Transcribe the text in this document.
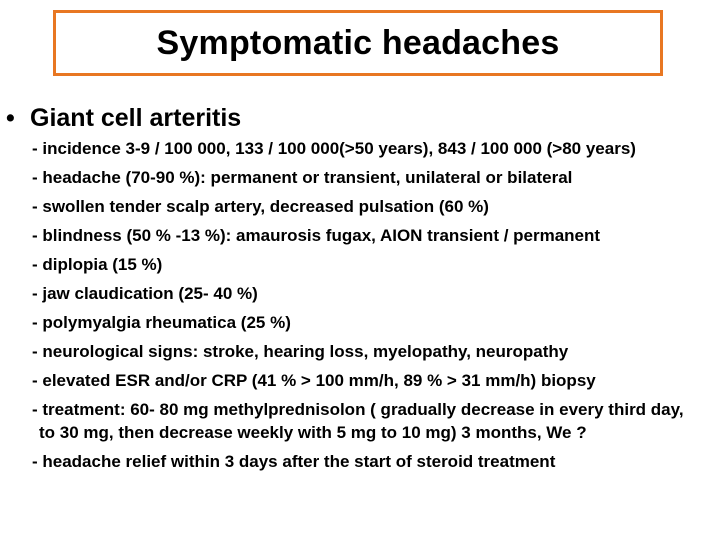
Symptomatic headaches
• Giant cell arteritis

- incidence 3-9 / 100 000, 133 / 100 000(>50 years), 843 / 100 000 (>80 years)

- headache (70-90 %): permanent or transient, unilateral or bilateral

- swollen tender scalp artery, decreased pulsation (60 %)

- blindness (50 % -13 %): amaurosis fugax, AION transient / permanent

- diplopia (15 %)

- jaw claudication (25- 40 %)

- polymyalgia rheumatica (25 %)

- neurological signs: stroke, hearing loss, myelopathy, neuropathy

- elevated ESR and/or CRP (41 % > 100 mm/h, 89 % > 31 mm/h) biopsy

- treatment: 60- 80 mg methylprednisolon ( gradually decrease in every third day,

to 30 mg, then decrease weekly with 5 mg to 10 mg) 3 months, We ?

- headache relief within 3 days after the start of steroid treatment
